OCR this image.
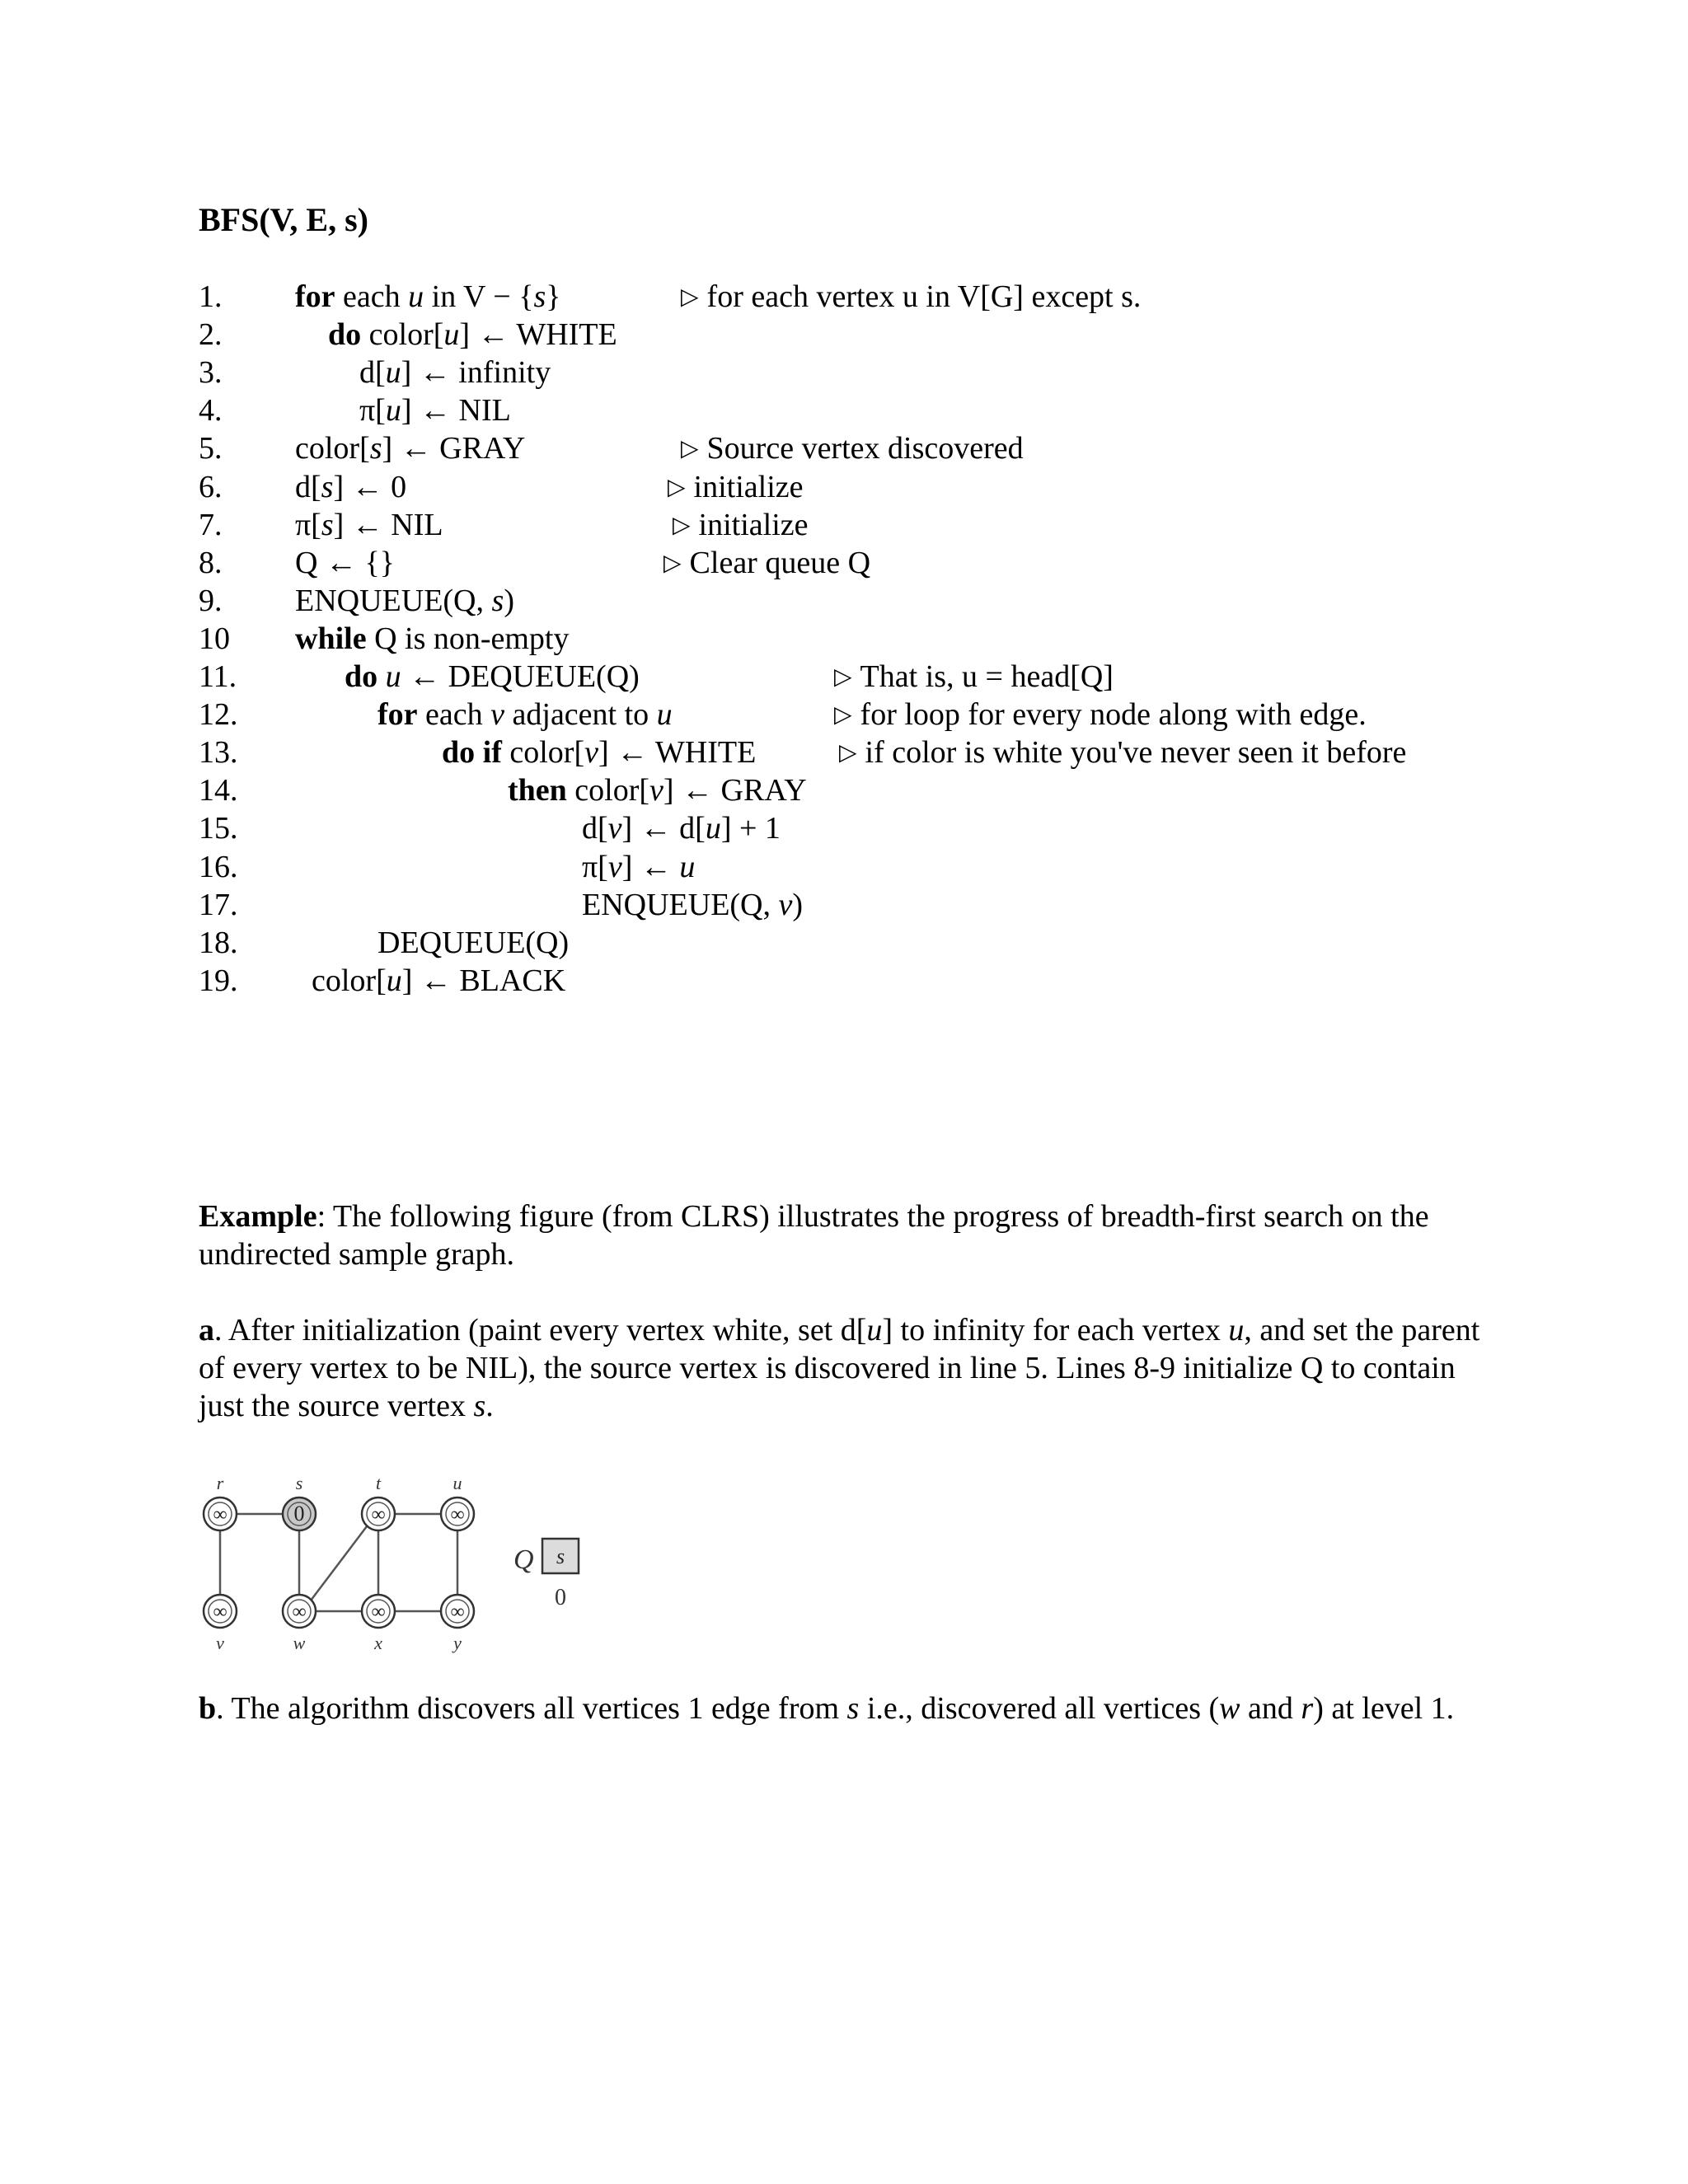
BFS(V, E, s)
1. for each u in V − {s}	▷ for each vertex u in V[G] except s.
2.	do color[u] ← WHITE
3.	d[u] ← infinity
4.	π[u] ← NIL
5. color[s] ← GRAY	▷ Source vertex discovered
6. d[s] ← 0	▷ initialize
7. π[s] ← NIL	▷ initialize
8. Q ← {}	▷ Clear queue Q
9. ENQUEUE(Q, s)
10 while Q is non-empty
11.	do u ← DEQUEUE(Q)	▷ That is, u = head[Q]
12.	for each v adjacent to u	▷ for loop for every node along with edge.
13.	do if color[v] ← WHITE	▷ if color is white you've never seen it before
14.	then color[v] ← GRAY
15.	d[v] ← d[u] + 1
16.	π[v] ← u
17.	ENQUEUE(Q, v)
18.	DEQUEUE(Q)
19. color[u] ← BLACK
Example: The following figure (from CLRS) illustrates the progress of breadth-first search on the undirected sample graph.
a. After initialization (paint every vertex white, set d[u] to infinity for each vertex u, and set the parent of every vertex to be NIL), the source vertex is discovered in line 5. Lines 8-9 initialize Q to contain just the source vertex s.
∞
r
0
s
∞
t
∞
u
∞
v
∞
w
∞
x
∞
y
Q s
0
b. The algorithm discovers all vertices 1 edge from s i.e., discovered all vertices (w and r) at level 1.
